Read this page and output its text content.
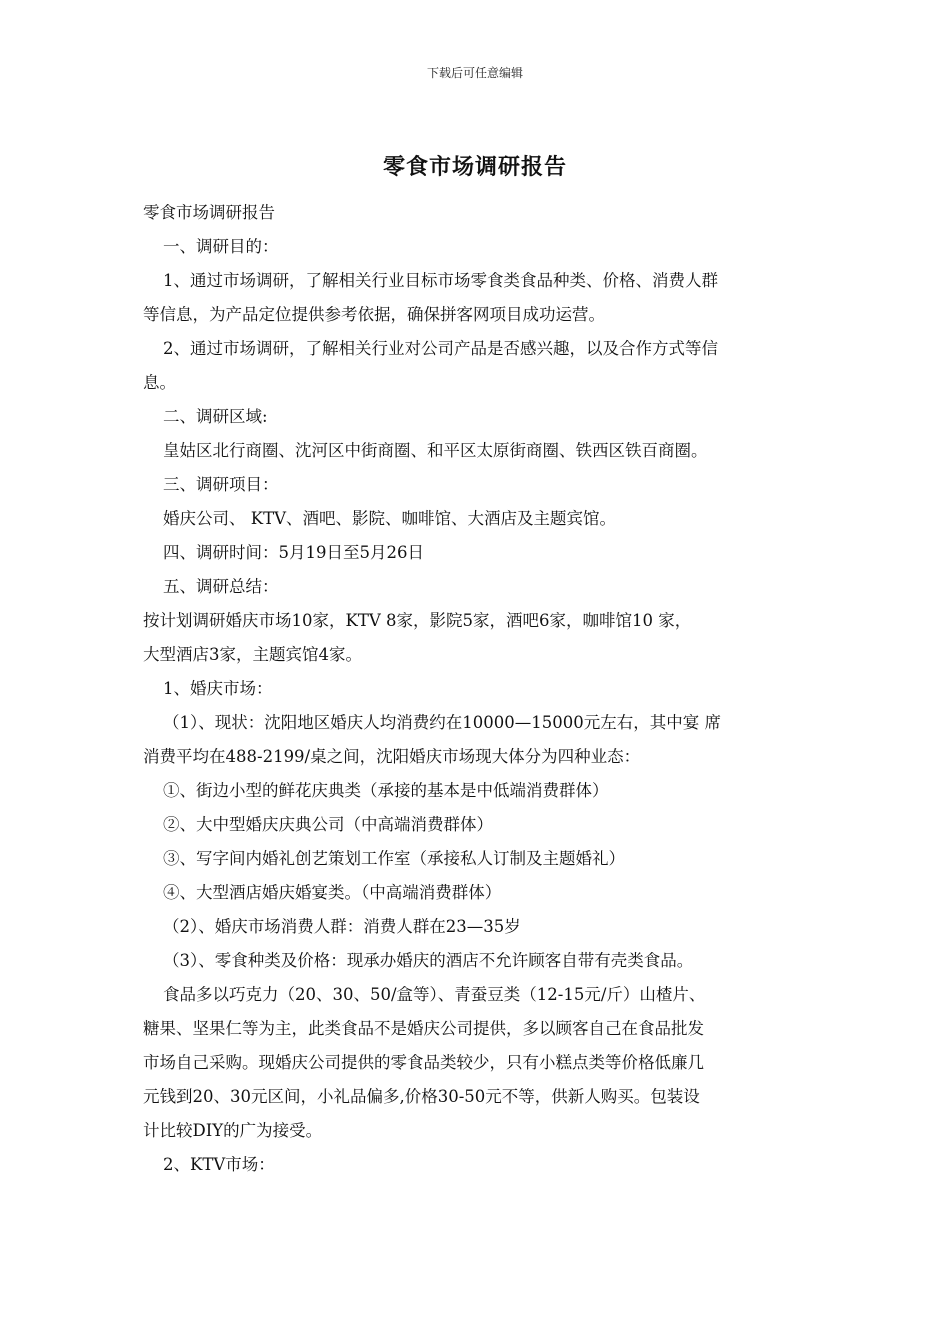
下载后可任意编辑
零食市场调研报告
零食市场调研报告
一、调研目的：
1、通过市场调研，了解相关行业目标市场零食类食品种类、价格、消费人群
等信息，为产品定位提供参考依据，确保拼客网项目成功运营。
2、通过市场调研，了解相关行业对公司产品是否感兴趣，以及合作方式等信
息。
二、调研区域:
皇姑区北行商圈、沈河区中街商圈、和平区太原街商圈、铁西区铁百商圈。
三、调研项目：
婚庆公司、 KTV、酒吧、影院、咖啡馆、大酒店及主题宾馆。
四、调研时间：5月19日至5月26日
五、调研总结：
按计划调研婚庆市场10家，KTV 8家，影院5家，酒吧6家，咖啡馆10 家，
大型酒店3家，主题宾馆4家。
1、婚庆市场：
（1）、现状：沈阳地区婚庆人均消费约在10000—15000元左右，其中宴 席
消费平均在488-2199/桌之间，沈阳婚庆市场现大体分为四种业态：
①、街边小型的鲜花庆典类（承接的基本是中低端消费群体）
②、大中型婚庆庆典公司（中高端消费群体）
③、写字间内婚礼创艺策划工作室（承接私人订制及主题婚礼）
④、大型酒店婚庆婚宴类。（中高端消费群体）
（2）、婚庆市场消费人群：消费人群在23—35岁
（3）、零食种类及价格：现承办婚庆的酒店不允许顾客自带有壳类食品。
食品多以巧克力（20、30、50/盒等）、青蚕豆类（12-15元/斤）山楂片、
糖果、坚果仁等为主，此类食品不是婚庆公司提供，多以顾客自己在食品批发
市场自己采购。现婚庆公司提供的零食品类较少，只有小糕点类等价格低廉几
元钱到20、30元区间，小礼品偏多,价格30-50元不等，供新人购买。包装设
计比较DIY的广为接受。
2、KTV市场：
